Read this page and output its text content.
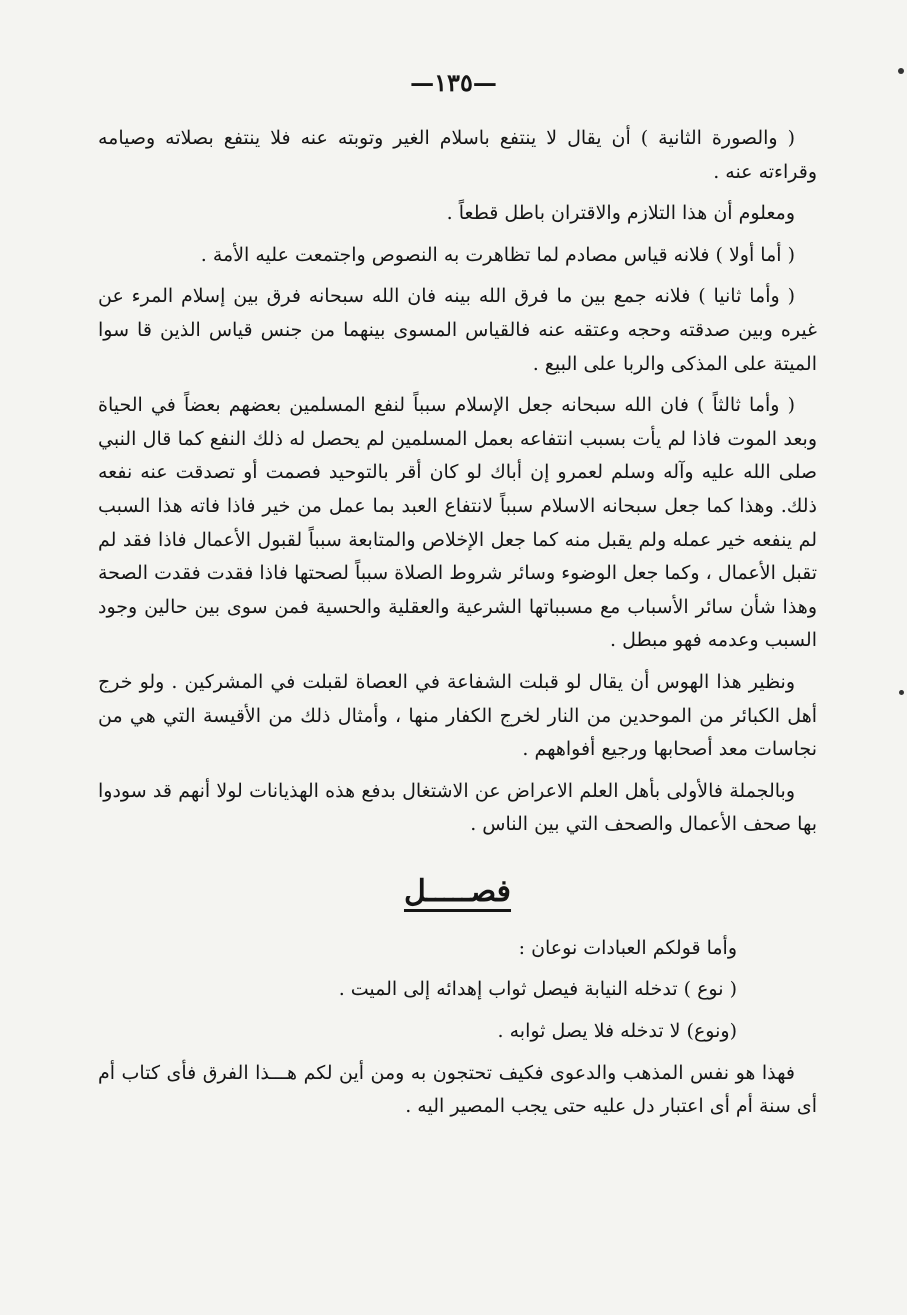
—١٣٥—

( والصورة الثانية ) أن يقال لا ينتفع باسلام الغير وتوبته عنه فلا ينتفع بصلاته وصيامه وقراءته عنه .

ومعلوم أن هذا التلازم والاقتران باطل قطعاً .

( أما أولا ) فلانه قياس مصادم لما تظاهرت به النصوص واجتمعت عليه الأمة .

( وأما ثانيا ) فلانه جمع بين ما فرق الله بينه فان الله سبحانه فرق بين إسلام المرء عن غيره وبين صدقته وحجه وعتقه عنه فالقياس المسوى بينهما من جنس قياس الذين قا سوا الميتة على المذكى والربا على البيع .

( وأما ثالثاً ) فان الله سبحانه جعل الإسلام سبباً لنفع المسلمين بعضهم بعضاً في الحياة وبعد الموت فاذا لم يأت بسبب انتفاعه بعمل المسلمين لم يحصل له ذلك النفع كما قال النبي صلى الله عليه وآله وسلم لعمرو إن أباك لو كان أقر بالتوحيد فصمت أو تصدقت عنه نفعه ذلك. وهذا كما جعل سبحانه الاسلام سبباً لانتفاع العبد بما عمل من خير فاذا فاته هذا السبب لم ينفعه خير عمله ولم يقبل منه كما جعل الإخلاص والمتابعة سبباً لقبول الأعمال فاذا فقد لم تقبل الأعمال ، وكما جعل الوضوء وسائر شروط الصلاة سبباً لصحتها فاذا فقدت فقدت الصحة وهذا شأن سائر الأسباب مع مسبباتها الشرعية والعقلية والحسية فمن سوى بين حالين وجود السبب وعدمه فهو مبطل .

ونظير هذا الهوس أن يقال لو قبلت الشفاعة في العصاة لقبلت في المشركين . ولو خرج أهل الكبائر من الموحدين من النار لخرج الكفار منها ، وأمثال ذلك من الأقيسة التي هي من نجاسات معد أصحابها ورجيع أفواههم .

وبالجملة فالأولى بأهل العلم الاعراض عن الاشتغال بدفع هذه الهذيانات لولا أنهم قد سودوا بها صحف الأعمال والصحف التي بين الناس .

فصـــــل

وأما قولكم العبادات نوعان :

( نوع ) تدخله النيابة فيصل ثواب إهدائه إلى الميت .

(ونوع) لا تدخله فلا يصل ثوابه .

فهذا هو نفس المذهب والدعوى فكيف تحتجون به ومن أين لكم هـــذا الفرق فأى كتاب أم أى سنة أم أى اعتبار دل عليه حتى يجب المصير اليه .
